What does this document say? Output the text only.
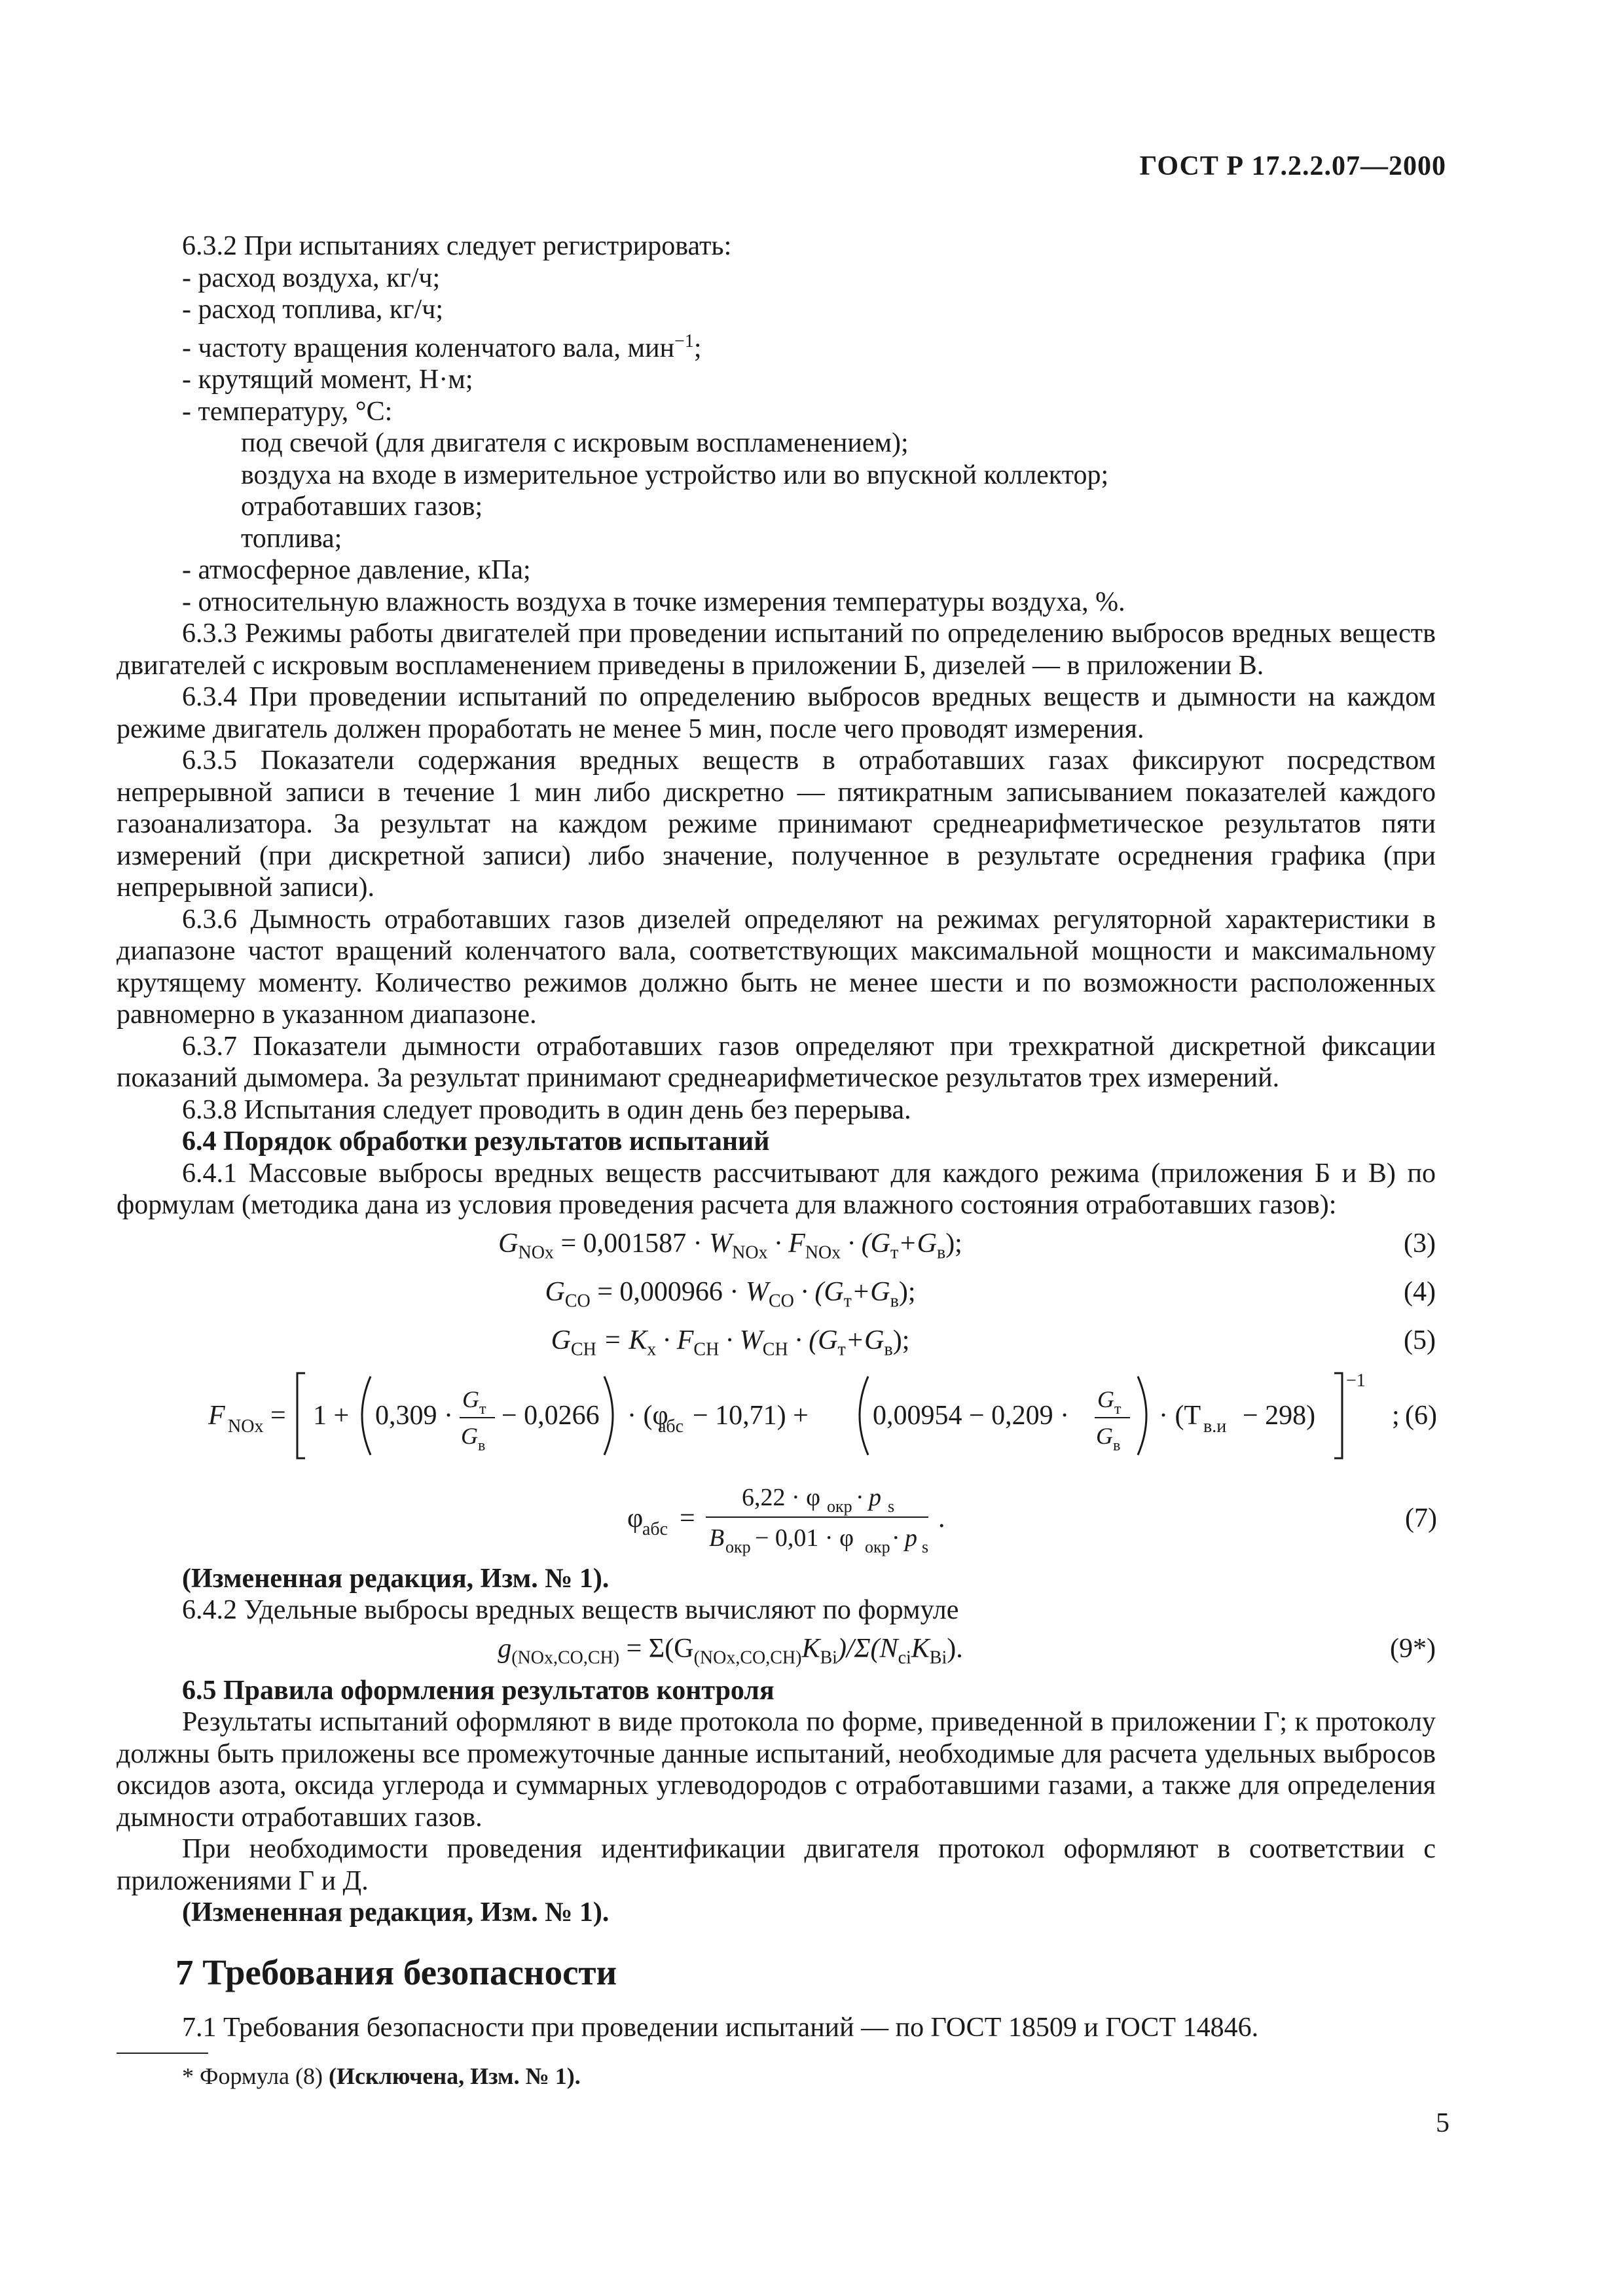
ГОСТ Р 17.2.2.07—2000

6.3.2 При испытаниях следует регистрировать:

- расход воздуха, кг/ч;

- расход топлива, кг/ч;

- частоту вращения коленчатого вала, мин$^{-1}$;

- крутящий момент, Н·м;

- температуру, °С:

под свечой (для двигателя с искровым воспламенением);

воздуха на входе в измерительное устройство или во впускной коллектор;

отработавших газов;

топлива;

- атмосферное давление, кПа;

- относительную влажность воздуха в точке измерения температуры воздуха, %.

6.3.3 Режимы работы двигателей при проведении испытаний по определению выбросов вредных веществ двигателей с искровым воспламенением приведены в приложении Б, дизелей — в приложении В.

6.3.4 При проведении испытаний по определению выбросов вредных веществ и дымности на каждом режиме двигатель должен проработать не менее 5 мин, после чего проводят измерения.

6.3.5 Показатели содержания вредных веществ в отработавших газах фиксируют посредством непрерывной записи в течение 1 мин либо дискретно — пятикратным записыванием показателей каждого газоанализатора. За результат на каждом режиме принимают среднеарифметическое результатов пяти измерений (при дискретной записи) либо значение, полученное в результате осреднения графика (при непрерывной записи).

6.3.6 Дымность отработавших газов дизелей определяют на режимах регуляторной характеристики в диапазоне частот вращений коленчатого вала, соответствующих максимальной мощности и максимальному крутящему моменту. Количество режимов должно быть не менее шести и по возможности расположенных равномерно в указанном диапазоне.

6.3.7 Показатели дымности отработавших газов определяют при трехкратной дискретной фиксации показаний дымомера. За результат принимают среднеарифметическое результатов трех измерений.

6.3.8 Испытания следует проводить в один день без перерыва.

6.4 Порядок обработки результатов испытаний

6.4.1 Массовые выбросы вредных веществ рассчитывают для каждого режима (приложения Б и В) по формулам (методика дана из условия проведения расчета для влажного состояния отработавших газов):

$G_{NOx} = 0,001587 \cdot W_{NOx} \cdot F_{NOx} \cdot (G_т+G_в)$;	(3)
$G_{CO} = 0,000966 \cdot W_{CO} \cdot (G_т+G_в)$;	(4)
$G_{CH} = K_x \cdot F_{CH} \cdot W_{CH} \cdot (G_т+G_в)$;	(5)
F NOx = 1 + 0,309 ·
G т
G в
− 0,0266 · (φ
абс − 10,71) + 0,00954 − 0,209 ·
G т
G в
· (T в.и − 298)
−1
; (6)
φ
абс =
6,22 · φ окр · p s
B окр − 0,01 · φ окр · p s
.	(7)

(Измененная редакция, Изм. № 1).

6.4.2 Удельные выбросы вредных веществ вычисляют по формуле

$g_{(NOx,CO,CH)} = \Sigma(G_{(NOx,CO,CH)}K_{Bi})/\Sigma(N_{ci}K_{Bi})$.	(9*)

6.5 Правила оформления результатов контроля

Результаты испытаний оформляют в виде протокола по форме, приведенной в приложении Г; к протоколу должны быть приложены все промежуточные данные испытаний, необходимые для расчета удельных выбросов оксидов азота, оксида углерода и суммарных углеводородов с отработавшими газами, а также для определения дымности отработавших газов.

При необходимости проведения идентификации двигателя протокол оформляют в соответствии с приложениями Г и Д.

(Измененная редакция, Изм. № 1).

7 Требования безопасности

7.1 Требования безопасности при проведении испытаний — по ГОСТ 18509 и ГОСТ 14846.

* Формула (8) (Исключена, Изм. № 1).
5
